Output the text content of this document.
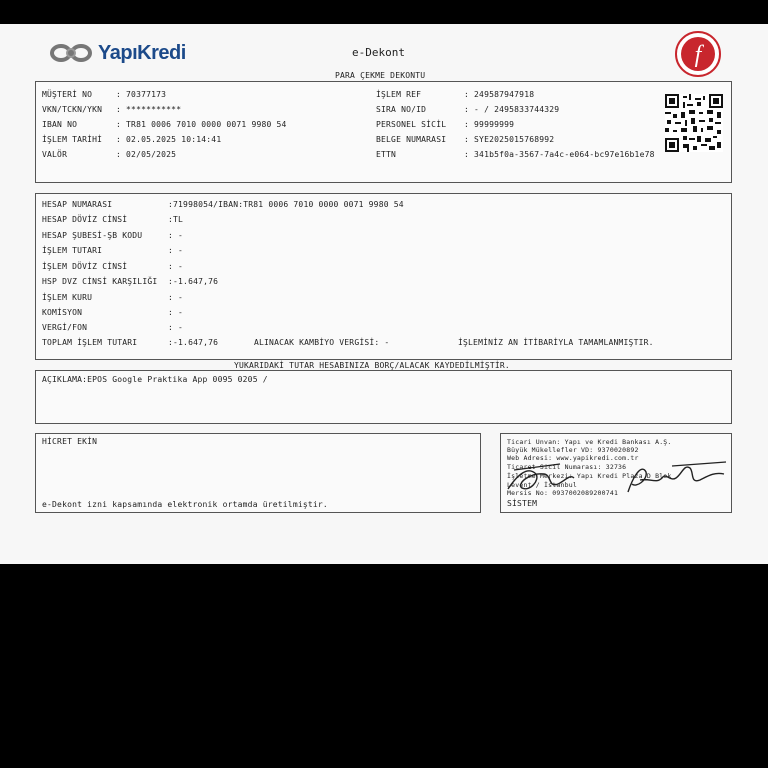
YapıKredi	e-Dekont	f
PARA ÇEKME DEKONTU
MÜŞTERİ NO	: 70377173
VKN/TCKN/YKN : ***********
IBAN NO	: TR81 0006 7010 0000 0071 9980 54
İŞLEM TARİHİ : 02.05.2025 10:14:41
VALÖR	: 02/05/2025
İŞLEM REF	: 249587947918
SIRA NO/ID	: - / 2495833744329
PERSONEL SİCİL : 99999999
BELGE NUMARASI : SYE2025015768992
ETTN	: 341b5f0a-3567-7a4c-e064-bc97e16b1e78
HESAP NUMARASI	:71998054/IBAN:TR81 0006 7010 0000 0071 9980 54
HESAP DÖVİZ CİNSİ	:TL
HESAP ŞUBESİ-ŞB KODU	: -
İŞLEM TUTARI	: -
İŞLEM DÖVİZ CİNSİ	: -
HSP DVZ CİNSİ KARŞILIĞI :-1.647,76
İŞLEM KURU	: -
KOMİSYON	: -
VERGİ/FON	: -
TOPLAM İŞLEM TUTARI	:-1.647,76	ALINACAK KAMBİYO VERGİSİ: -	İŞLEMİNİZ AN İTİBARİYLA TAMAMLANMIŞTIR.
YUKARIDAKİ TUTAR HESABINIZA BORÇ/ALACAK KAYDEDİLMİŞTİR.
AÇIKLAMA:EPOS Google Praktika App 0095 0205 /
HİCRET EKİN
e-Dekont izni kapsamında elektronik ortamda üretilmiştir.
Ticari Unvan: Yapı ve Kredi Bankası A.Ş.
Büyük Mükellefler VD: 9370020892
Web Adresi: www.yapikredi.com.tr
Ticaret Sicil Numarası: 32736
İşletme Merkezi: Yapı Kredi Plaza D Blok
Levent / İstanbul
Mersis No: 0937002089200741
SİSTEM
